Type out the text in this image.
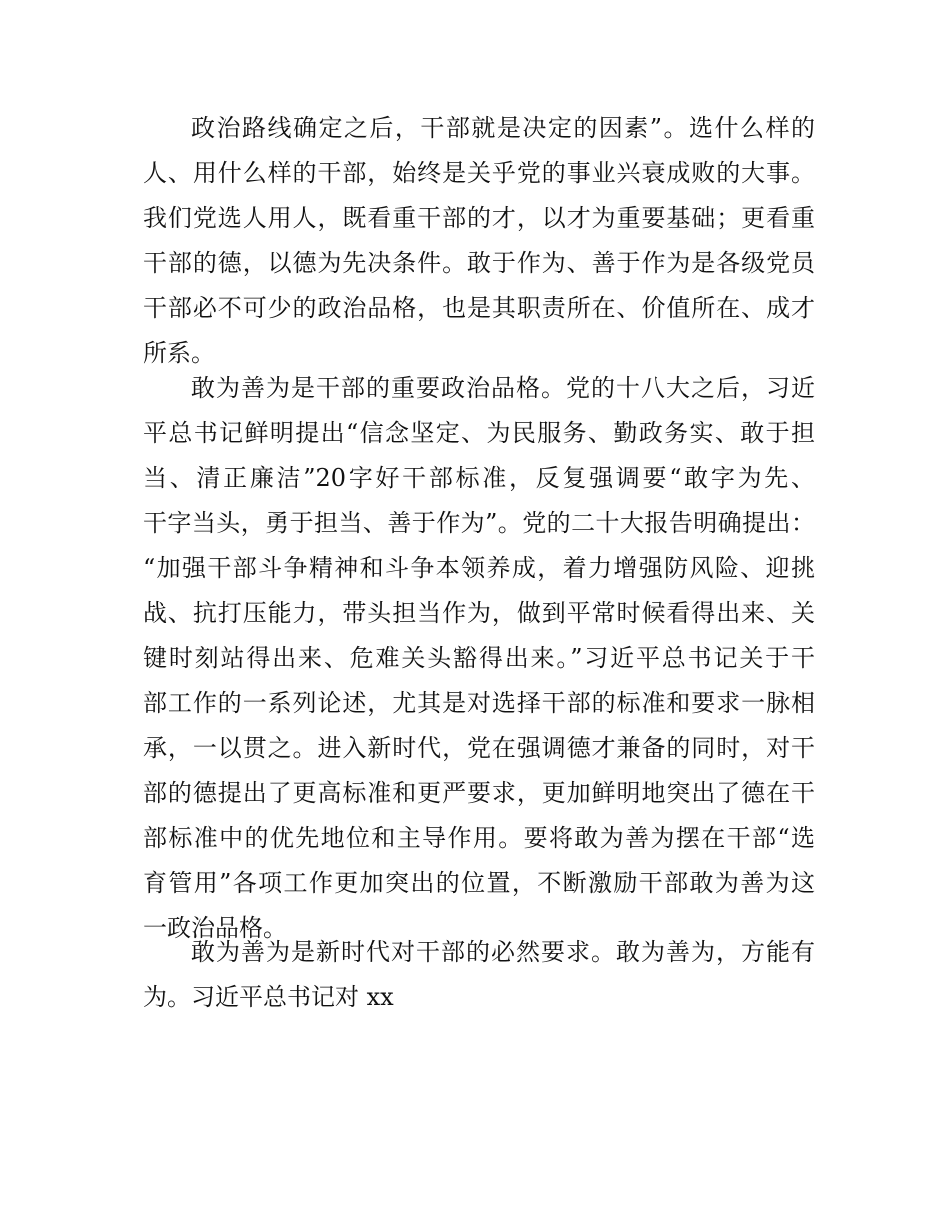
政治路线确定之后，干部就是决定的因素”。选什么样的
人、用什么样的干部，始终是关乎党的事业兴衰成败的大事。
我们党选人用人，既看重干部的才，以才为重要基础；更看重
干部的德，以德为先决条件。敢于作为、善于作为是各级党员
干部必不可少的政治品格，也是其职责所在、价值所在、成才
所系。
敢为善为是干部的重要政治品格。党的十八大之后，习近
平总书记鲜明提出“信念坚定、为民服务、勤政务实、敢于担
当、清正廉洁”20字好干部标准，反复强调要“敢字为先、
干字当头，勇于担当、善于作为”。党的二十大报告明确提出：
“加强干部斗争精神和斗争本领养成，着力增强防风险、迎挑
战、抗打压能力，带头担当作为，做到平常时候看得出来、关
键时刻站得出来、危难关头豁得出来。”习近平总书记关于干
部工作的一系列论述，尤其是对选择干部的标准和要求一脉相
承，一以贯之。进入新时代，党在强调德才兼备的同时，对干
部的德提出了更高标准和更严要求，更加鲜明地突出了德在干
部标准中的优先地位和主导作用。要将敢为善为摆在干部“选
育管用”各项工作更加突出的位置，不断激励干部敢为善为这
一政治品格。
敢为善为是新时代对干部的必然要求。敢为善为，方能有
为。习近平总书记对 xx
